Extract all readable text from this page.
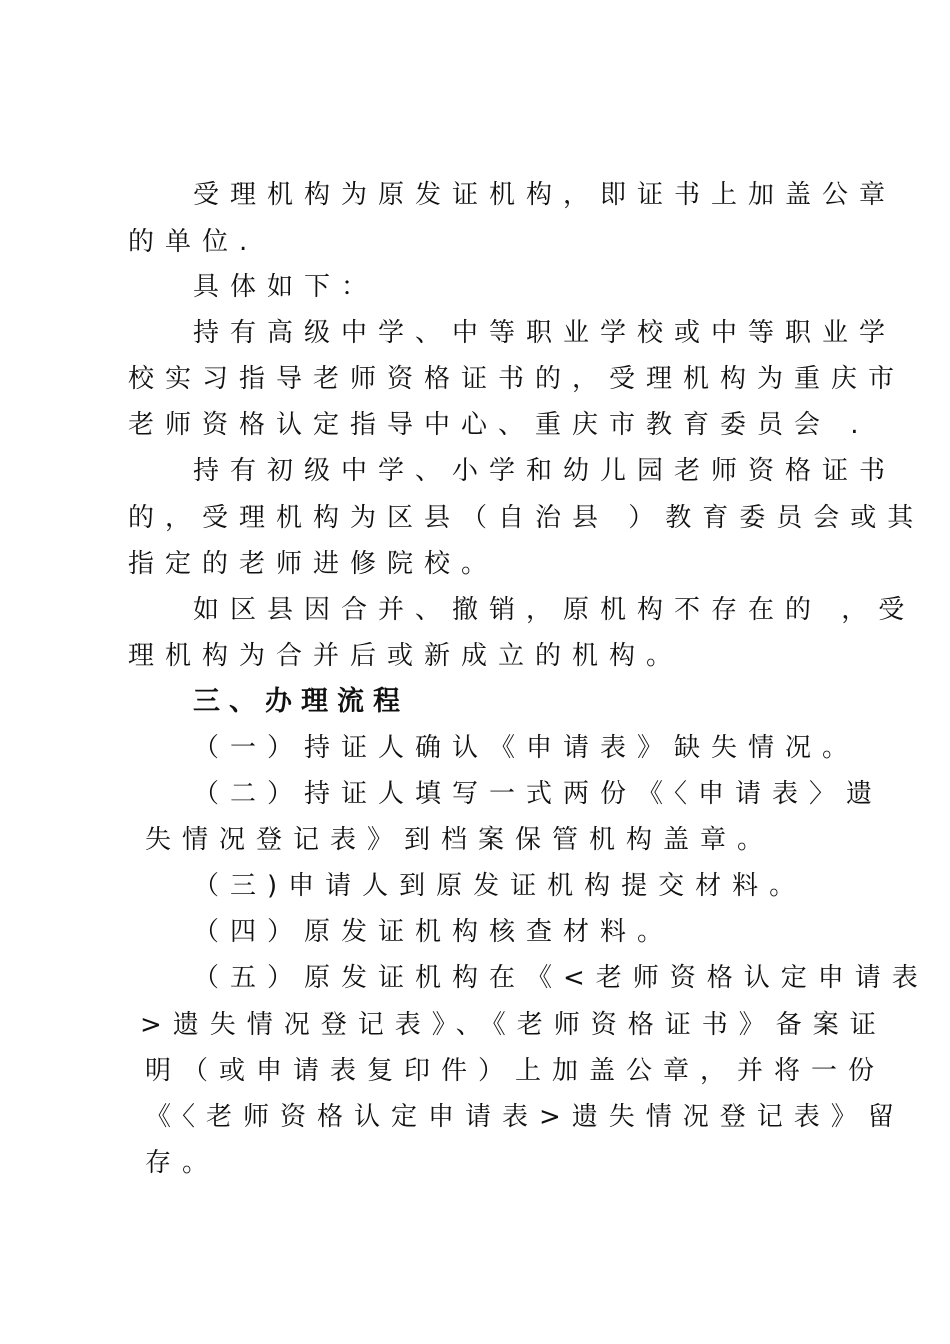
受理机构为原发证机构，即证书上加盖公章
的单位.
具体如下：
持有高级中学、中等职业学校或中等职业学
校实习指导老师资格证书的，受理机构为重庆市
老师资格认定指导中心、重庆市教育委员会 .
持有初级中学、小学和幼儿园老师资格证书
的，受理机构为区县（自治县 ）教育委员会或其
指定的老师进修院校。
如区县因合并、撤销，原机构不存在的 ，受
理机构为合并后或新成立的机构。
三、办理流程
（一）持证人确认《申请表》缺失情况。
（二）持证人填写一式两份《〈申请表〉遗
失情况登记表》到档案保管机构盖章。
（三)申请人到原发证机构提交材料。
（四）原发证机构核查材料。
（五）原发证机构在《<老师资格认定申请表
>遗失情况登记表》、《老师资格证书》备案证
明（或申请表复印件）上加盖公章，并将一份
《〈老师资格认定申请表>遗失情况登记表》留
存。
